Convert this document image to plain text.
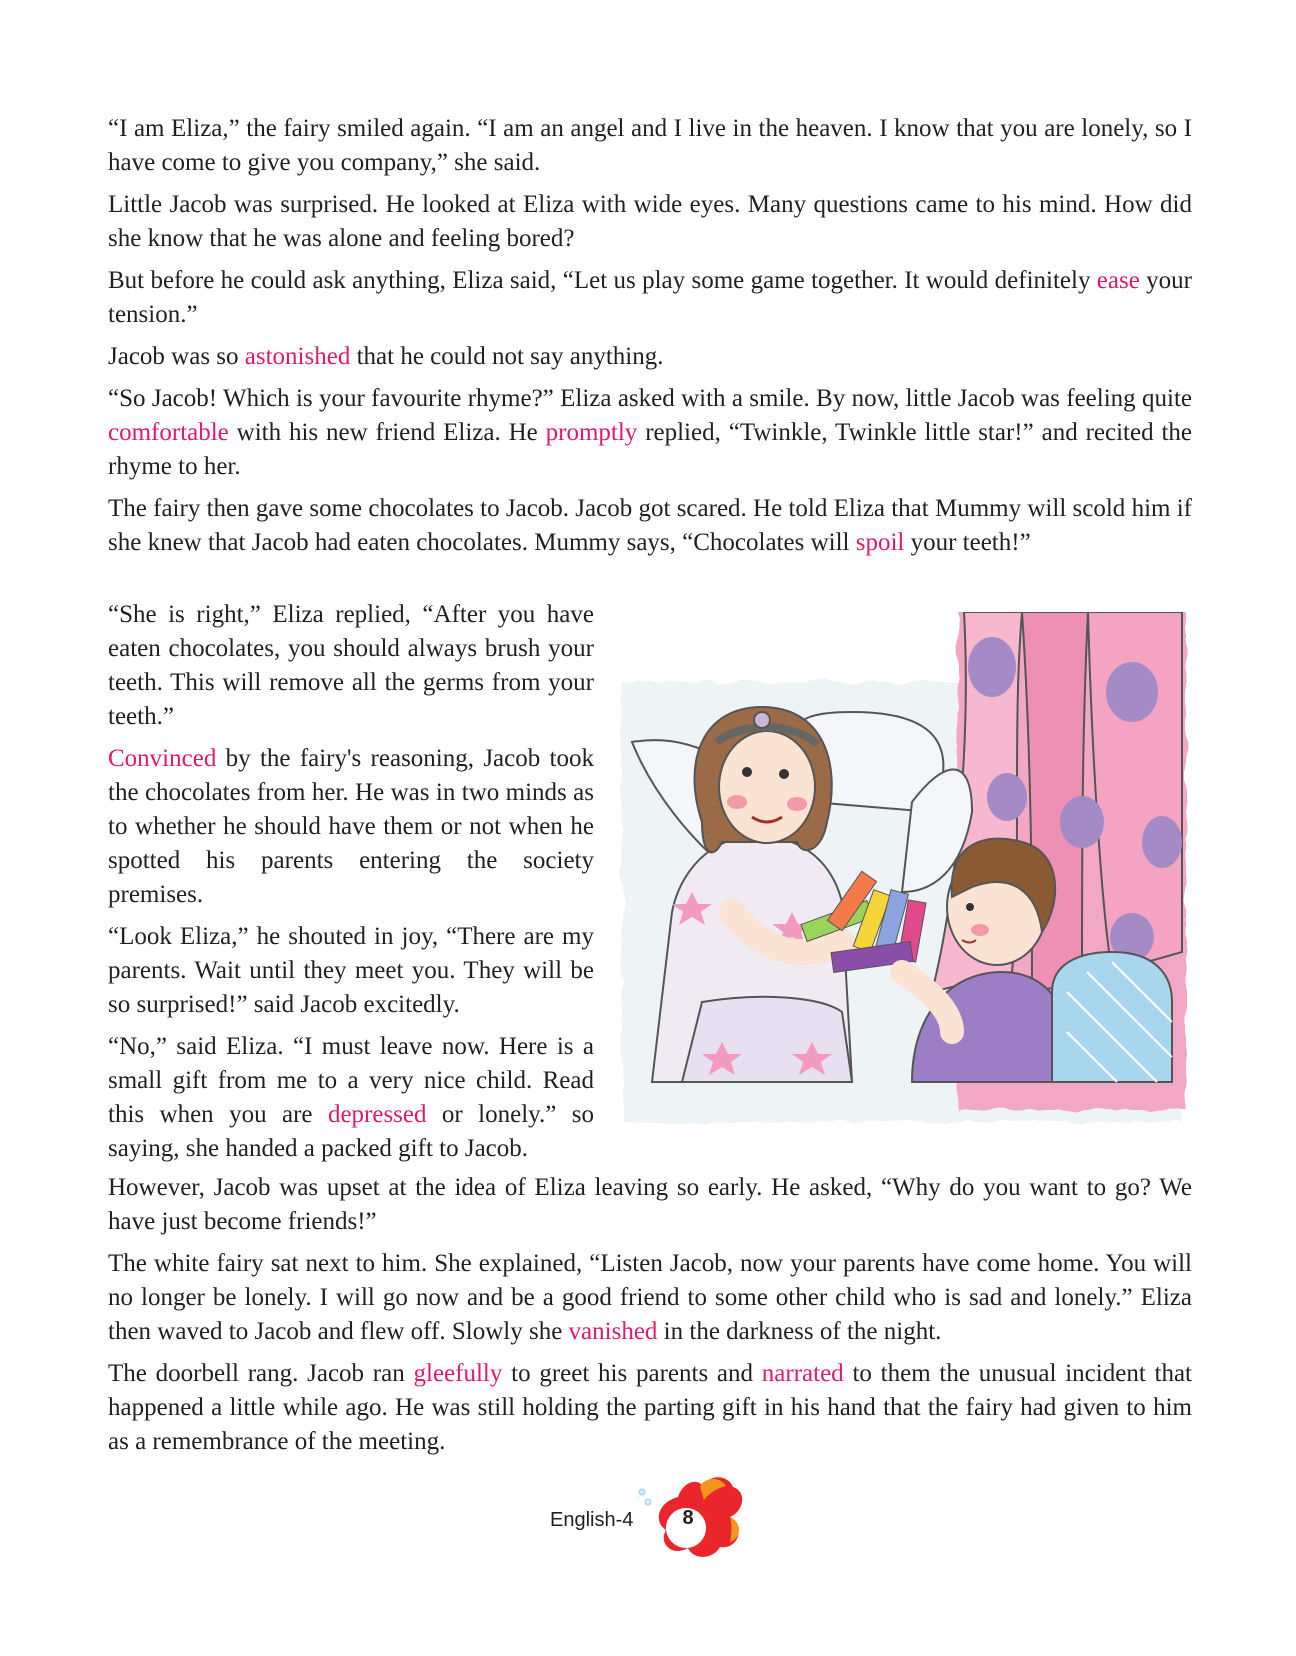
“I am Eliza,” the fairy smiled again. “I am an angel and I live in the heaven. I know that you are lonely, so I have come to give you company,” she said.

Little Jacob was surprised. He looked at Eliza with wide eyes. Many questions came to his mind. How did she know that he was alone and feeling bored?

But before he could ask anything, Eliza said, “Let us play some game together. It would definitely ease your tension.”

Jacob was so astonished that he could not say anything.

“So Jacob! Which is your favourite rhyme?” Eliza asked with a smile. By now, little Jacob was feeling quite comfortable with his new friend Eliza. He promptly replied, “Twinkle, Twinkle little star!” and recited the rhyme to her.

The fairy then gave some chocolates to Jacob. Jacob got scared. He told Eliza that Mummy will scold him if she knew that Jacob had eaten chocolates. Mummy says, “Chocolates will spoil your teeth!”

“She is right,” Eliza replied, “After you have eaten chocolates, you should always brush your teeth. This will remove all the germs from your teeth.”

Convinced by the fairy's reasoning, Jacob took the chocolates from her. He was in two minds as to whether he should have them or not when he spotted his parents entering the society premises.

“Look Eliza,” he shouted in joy, “There are my parents. Wait until they meet you. They will be so surprised!” said Jacob excitedly.

“No,” said Eliza. “I must leave now. Here is a small gift from me to a very nice child. Read this when you are depressed or lonely.” so saying, she handed a packed gift to Jacob.

However, Jacob was upset at the idea of Eliza leaving so early. He asked, “Why do you want to go? We have just become friends!”

The white fairy sat next to him. She explained, “Listen Jacob, now your parents have come home. You will no longer be lonely. I will go now and be a good friend to some other child who is sad and lonely.” Eliza then waved to Jacob and flew off. Slowly she vanished in the darkness of the night.

The doorbell rang. Jacob ran gleefully to greet his parents and narrated to them the unusual incident that happened a little while ago. He was still holding the parting gift in his hand that the fairy had given to him as a remembrance of the meeting.

English-4	8
